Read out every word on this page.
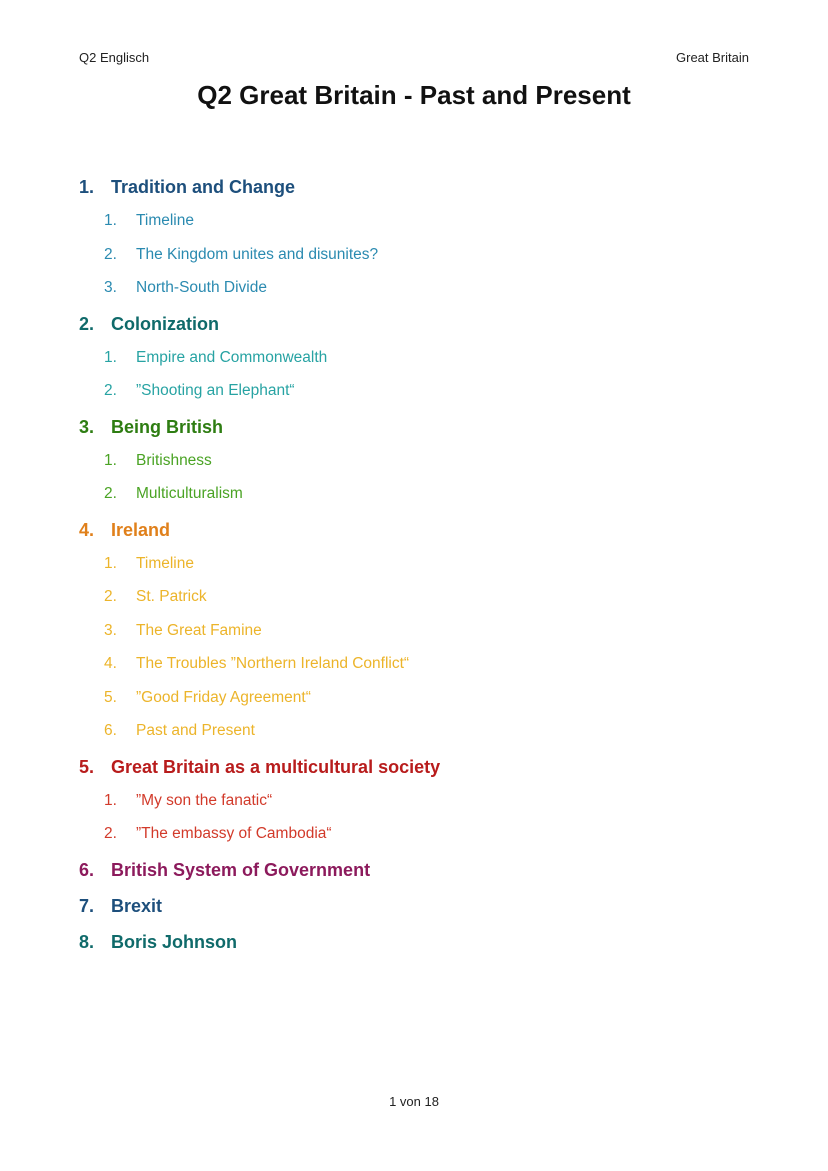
Q2 Englisch	Great Britain
Q2 Great Britain - Past and Present
1. Tradition and Change
1.	Timeline
2.	The Kingdom unites and disunites?
3.	North-South Divide
2. Colonization
1.	Empire and Commonwealth
2.	”Shooting an Elephant“
3. Being British
1.	Britishness
2.	Multiculturalism
4. Ireland
1.	Timeline
2.	St. Patrick
3.	The Great Famine
4.	The Troubles ”Northern Ireland Conflict“
5.	”Good Friday Agreement“
6.	Past and Present
5. Great Britain as a multicultural society
1.	”My son the fanatic“
2.	”The embassy of Cambodia“
6. British System of Government
7. Brexit
8. Boris Johnson
1 von 18
